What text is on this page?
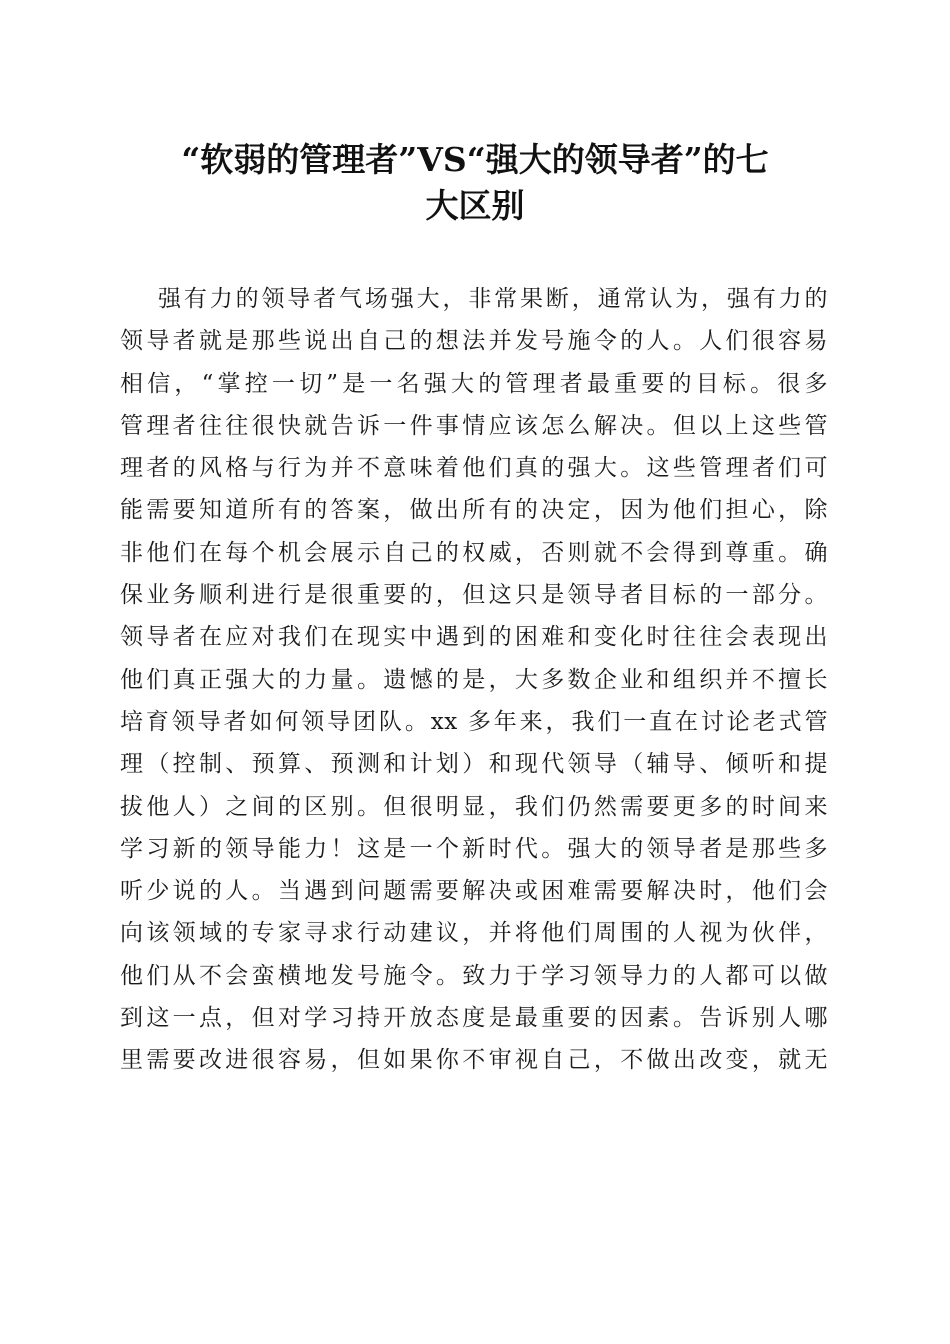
“软弱的管理者”VS“强大的领导者”的七
大区别
强有力的领导者气场强大，非常果断，通常认为，强有力的
领导者就是那些说出自己的想法并发号施令的人。人们很容易
相信，“掌控一切”是一名强大的管理者最重要的目标。很多
管理者往往很快就告诉一件事情应该怎么解决。但以上这些管
理者的风格与行为并不意味着他们真的强大。这些管理者们可
能需要知道所有的答案，做出所有的决定，因为他们担心，除
非他们在每个机会展示自己的权威，否则就不会得到尊重。确
保业务顺利进行是很重要的，但这只是领导者目标的一部分。
领导者在应对我们在现实中遇到的困难和变化时往往会表现出
他们真正强大的力量。遗憾的是，大多数企业和组织并不擅长
培育领导者如何领导团队。xx 多年来，我们一直在讨论老式管
理（控制、预算、预测和计划）和现代领导（辅导、倾听和提
拔他人）之间的区别。但很明显，我们仍然需要更多的时间来
学习新的领导能力！这是一个新时代。强大的领导者是那些多
听少说的人。当遇到问题需要解决或困难需要解决时，他们会
向该领域的专家寻求行动建议，并将他们周围的人视为伙伴，
他们从不会蛮横地发号施令。致力于学习领导力的人都可以做
到这一点，但对学习持开放态度是最重要的因素。告诉别人哪
里需要改进很容易，但如果你不审视自己，不做出改变，就无
